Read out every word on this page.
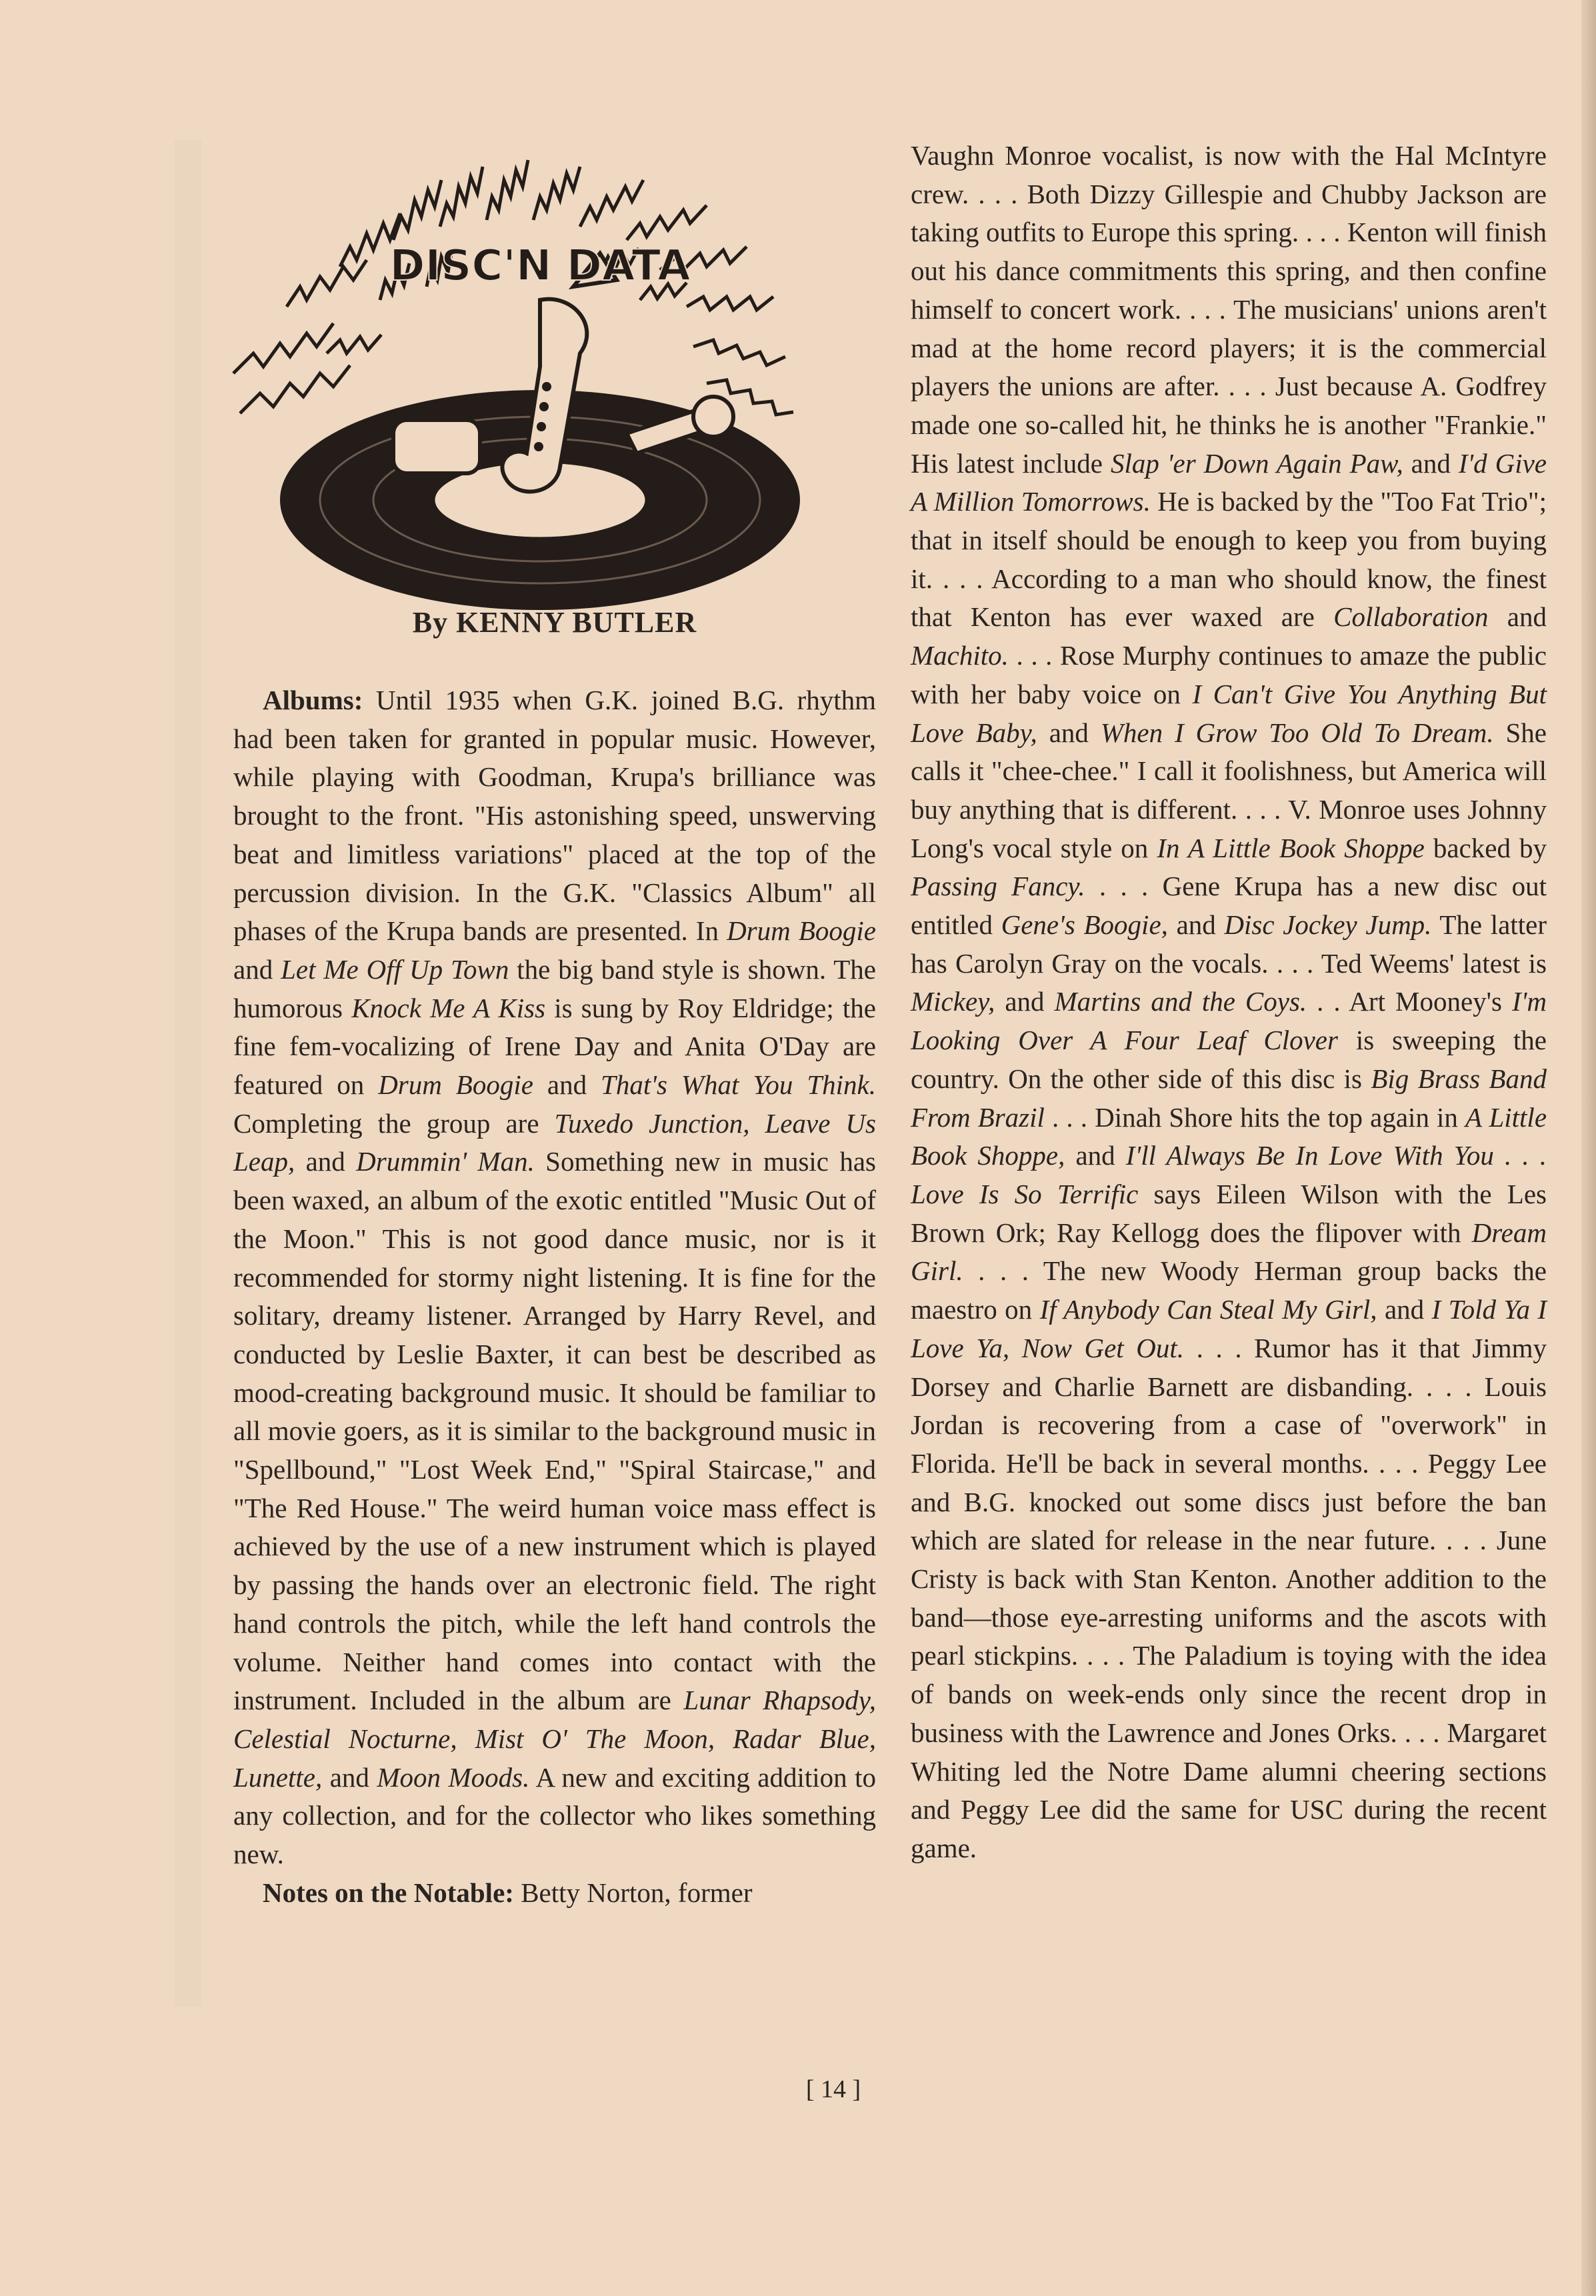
DISC'N DATA
By KENNY BUTLER

Albums: Until 1935 when G.K. joined B.G. rhythm had been taken for granted in popular music. However, while playing with Goodman, Krupa's brilliance was brought to the front. "His astonishing speed, unswerving beat and limitless variations" placed at the top of the percussion division. In the G.K. "Classics Album" all phases of the Krupa bands are presented. In Drum Boogie and Let Me Off Up Town the big band style is shown. The humorous Knock Me A Kiss is sung by Roy Eldridge; the fine fem-vocalizing of Irene Day and Anita O'Day are featured on Drum Boogie and That's What You Think. Completing the group are Tuxedo Junction, Leave Us Leap, and Drummin' Man. Something new in music has been waxed, an album of the exotic entitled "Music Out of the Moon." This is not good dance music, nor is it recommended for stormy night listening. It is fine for the solitary, dreamy listener. Arranged by Harry Revel, and conducted by Leslie Baxter, it can best be described as mood-creating background music. It should be familiar to all movie goers, as it is similar to the background music in "Spellbound," "Lost Week End," "Spiral Staircase," and "The Red House." The weird human voice mass effect is achieved by the use of a new instrument which is played by passing the hands over an electronic field. The right hand controls the pitch, while the left hand controls the volume. Neither hand comes into contact with the instrument. Included in the album are Lunar Rhapsody, Celestial Nocturne, Mist O' The Moon, Radar Blue, Lunette, and Moon Moods. A new and exciting addition to any collection, and for the collector who likes something new.

Notes on the Notable: Betty Norton, former

Vaughn Monroe vocalist, is now with the Hal McIntyre crew. . . . Both Dizzy Gillespie and Chubby Jackson are taking outfits to Europe this spring. . . . Kenton will finish out his dance commitments this spring, and then confine himself to concert work. . . . The musicians' unions aren't mad at the home record players; it is the commercial players the unions are after. . . . Just because A. Godfrey made one so-called hit, he thinks he is another "Frankie." His latest include Slap 'er Down Again Paw, and I'd Give A Million Tomorrows. He is backed by the "Too Fat Trio"; that in itself should be enough to keep you from buying it. . . . According to a man who should know, the finest that Kenton has ever waxed are Collaboration and Machito. . . . Rose Murphy continues to amaze the public with her baby voice on I Can't Give You Anything But Love Baby, and When I Grow Too Old To Dream. She calls it "chee-chee." I call it foolishness, but America will buy anything that is different. . . . V. Monroe uses Johnny Long's vocal style on In A Little Book Shoppe backed by Passing Fancy. . . . Gene Krupa has a new disc out entitled Gene's Boogie, and Disc Jockey Jump. The latter has Carolyn Gray on the vocals. . . . Ted Weems' latest is Mickey, and Martins and the Coys. . . Art Mooney's I'm Looking Over A Four Leaf Clover is sweeping the country. On the other side of this disc is Big Brass Band From Brazil . . . Dinah Shore hits the top again in A Little Book Shoppe, and I'll Always Be In Love With You . . . Love Is So Terrific says Eileen Wilson with the Les Brown Ork; Ray Kellogg does the flipover with Dream Girl. . . . The new Woody Herman group backs the maestro on If Anybody Can Steal My Girl, and I Told Ya I Love Ya, Now Get Out. . . . Rumor has it that Jimmy Dorsey and Charlie Barnett are disbanding. . . . Louis Jordan is recovering from a case of "overwork" in Florida. He'll be back in several months. . . . Peggy Lee and B.G. knocked out some discs just before the ban which are slated for release in the near future. . . . June Cristy is back with Stan Kenton. Another addition to the band—those eye-arresting uniforms and the ascots with pearl stickpins. . . . The Paladium is toying with the idea of bands on week-ends only since the recent drop in business with the Lawrence and Jones Orks. . . . Margaret Whiting led the Notre Dame alumni cheering sections and Peggy Lee did the same for USC during the recent game.

[ 14 ]
